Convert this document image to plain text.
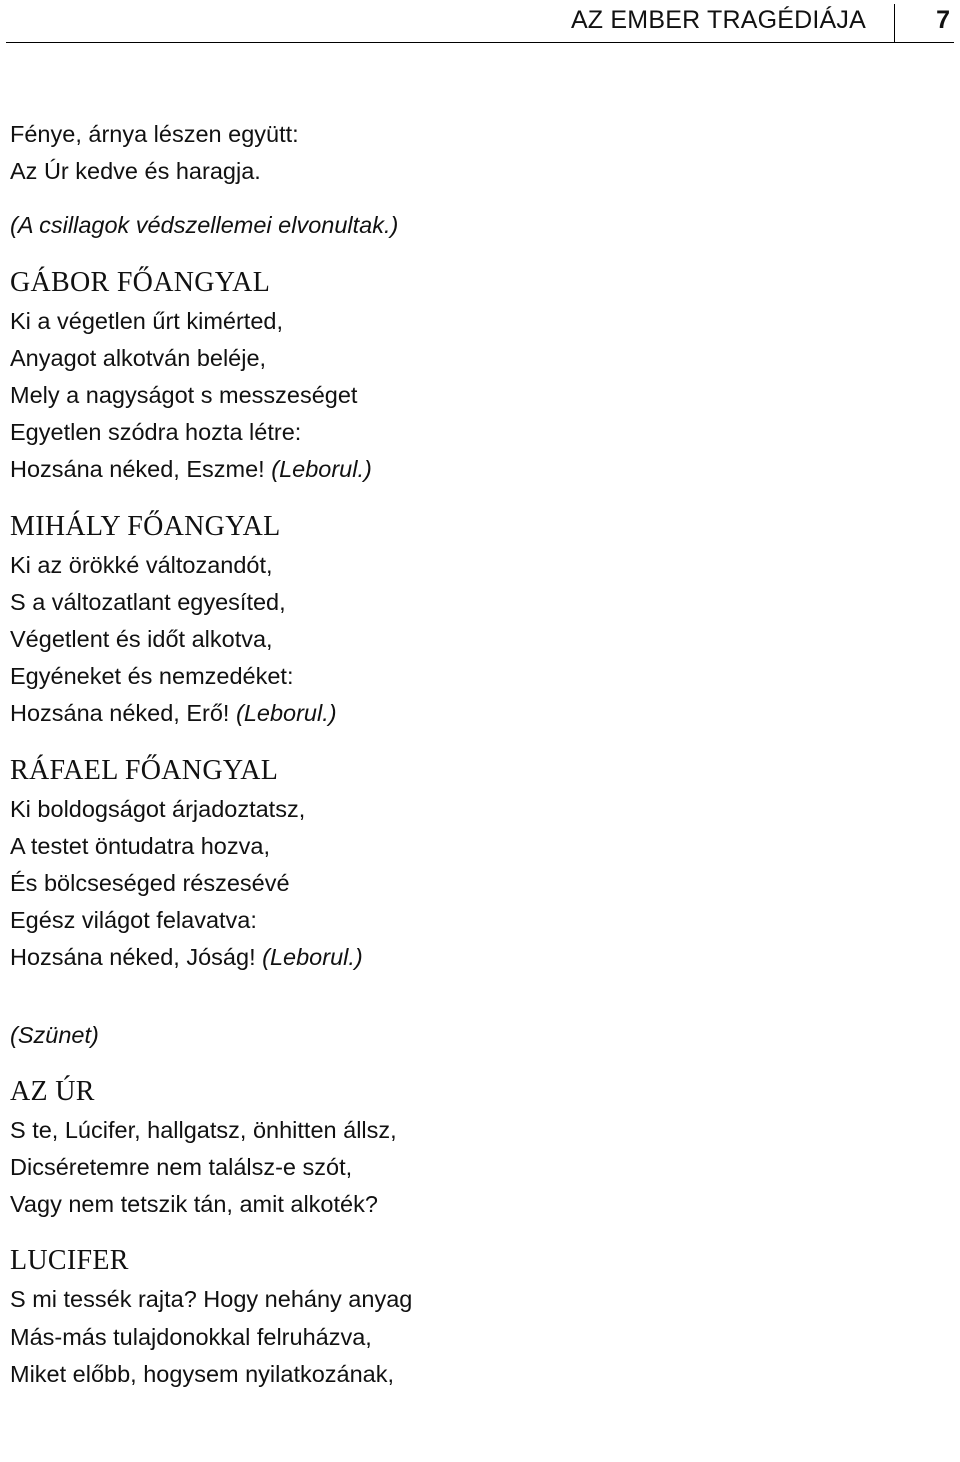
AZ EMBER TRAGÉDIÁJA	7
Fénye, árnya lészen együtt:
Az Úr kedve és haragja.
(A csillagok védszellemei elvonultak.)
GÁBOR FŐANGYAL
Ki a végetlen űrt kimérted,
Anyagot alkotván beléje,
Mely a nagyságot s messzeséget
Egyetlen szódra hozta létre:
Hozsána néked, Eszme! (Leborul.)
MIHÁLY FŐANGYAL
Ki az örökké változandót,
S a változatlant egyesíted,
Végetlent és időt alkotva,
Egyéneket és nemzedéket:
Hozsána néked, Erő! (Leborul.)
RÁFAEL FŐANGYAL
Ki boldogságot árjadoztatsz,
A testet öntudatra hozva,
És bölcseséged részesévé
Egész világot felavatva:
Hozsána néked, Jóság! (Leborul.)
(Szünet)
AZ ÚR
S te, Lúcifer, hallgatsz, önhitten állsz,
Dicséretemre nem találsz-e szót,
Vagy nem tetszik tán, amit alkoték?
LUCIFER
S mi tessék rajta? Hogy nehány anyag
Más-más tulajdonokkal felruházva,
Miket előbb, hogysem nyilatkozának,
